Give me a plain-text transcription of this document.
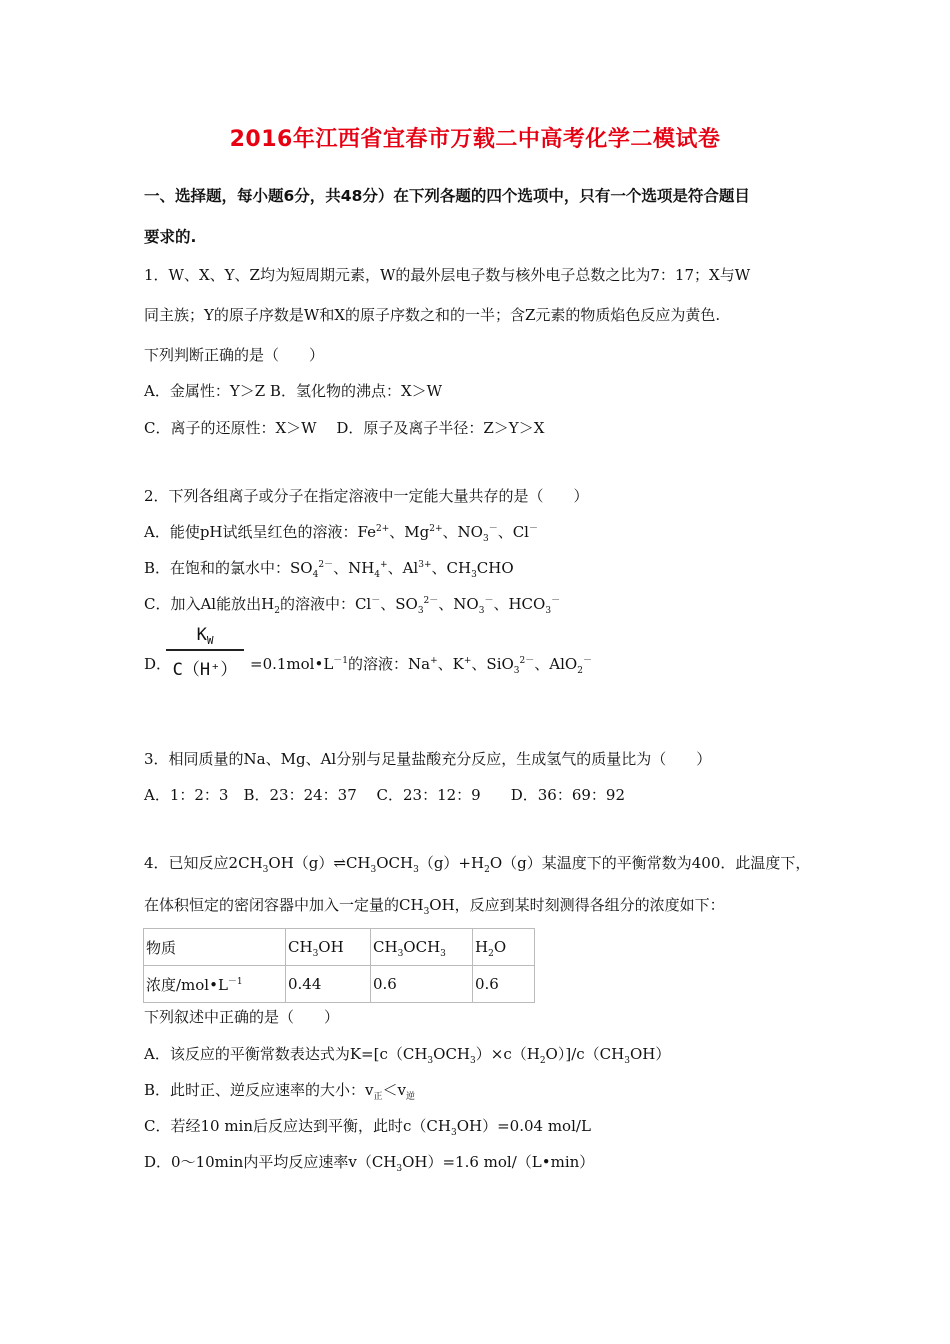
2016年江西省宜春市万载二中高考化学二模试卷
一、选择题，每小题6分，共48分）在下列各题的四个选项中，只有一个选项是符合题目
要求的.
1．W、X、Y、Z均为短周期元素，W的最外层电子数与核外电子总数之比为7：17；X与W
同主族；Y的原子序数是W和X的原子序数之和的一半；含Z元素的物质焰色反应为黄色.
下列判断正确的是（　　）
A．金属性：Y＞Z B．氢化物的沸点：X＞W
C．离子的还原性：X＞W　 D．原子及离子半径：Z＞Y＞X
2．下列各组离子或分子在指定溶液中一定能大量共存的是（　　）
A．能使pH试纸呈红色的溶液：$Fe^{2+}$、$Mg^{2+}$、$NO_3^-$、Cl－
B．在饱和的氯水中：$SO_4^{2-}$、$NH_4^+$、$Al^{3+}$、$CH_3CHO$
C．加入Al能放出$H_2$的溶液中：Cl－、$SO_3^{2-}$、$NO_3^-$、$HCO_3^-$
D．
$K_W$
$C(H^+) =0.1mol•L^{-1}$的溶液：Na+、K+、SiO$_3^{2-}$、AlO$_2$－
3．相同质量的Na、Mg、Al分别与足量盐酸充分反应，生成氢气的质量比为（　　）
A．1：2：3　B．23：24：37　 C．23：12：9　　D．36：69：92
4．已知反应$2CH_3OH(g)\rightleftharpoons CH_3OCH_3(g)+H_2O(g)$某温度下的平衡常数为400．此温度下，
在体积恒定的密闭容器中加入一定量的$CH_3OH$，反应到某时刻测得各组分的浓度如下：
物质	$CH_3OH$	$CH_3OCH_3$	$H_2O$
浓度$/mol•L^{-1}$	0.44	0.6	0.6
下列叙述中正确的是（　　）
A．该反应的平衡常数表达式为$K=[c(CH_3OCH_3)\times c(H_2O)]/c(CH_3OH)$
B．此时正、逆反应速率的大小：$v_正<v_逆$
C．若经10 min后反应达到平衡，此时$c(CH_3OH)=0.04$ mol/L
D．0～10min内平均反应速率$v(CH_3OH)=1.6$ mol/（L•min）
